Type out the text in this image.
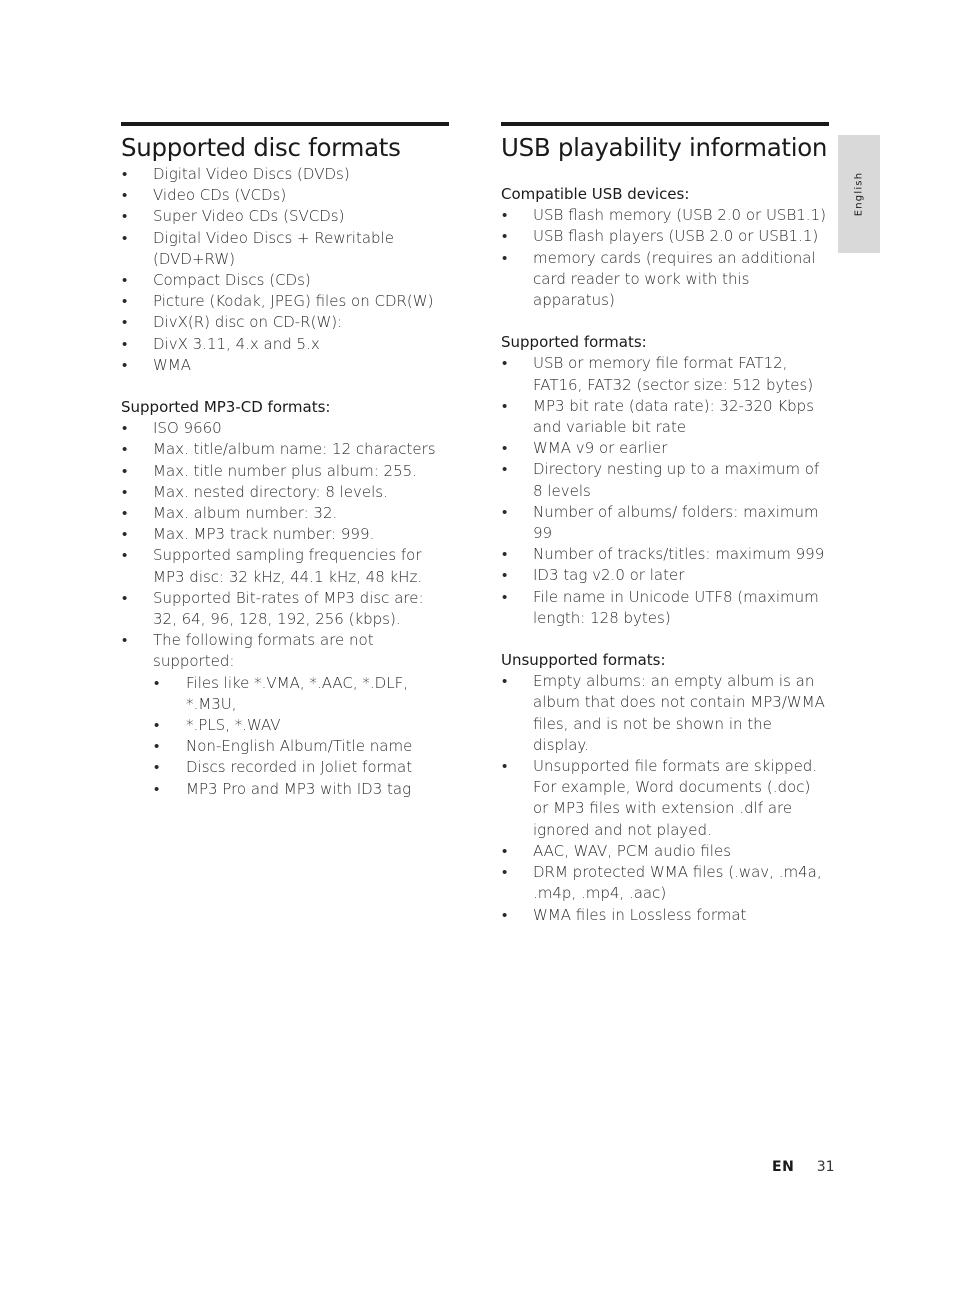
Supported disc formats
• Digital Video Discs (DVDs)
• Video CDs (VCDs)
• Super Video CDs (SVCDs)
• Digital Video Discs + Rewritable (DVD+RW)
• Compact Discs (CDs)
• Picture (Kodak, JPEG) files on CDR(W)
• DivX(R) disc on CD-R(W):
• DivX 3.11, 4.x and 5.x
• WMA

Supported MP3-CD formats:

• ISO 9660
• Max. title/album name: 12 characters
• Max. title number plus album: 255.
• Max. nested directory: 8 levels.
• Max. album number: 32.
• Max. MP3 track number: 999.
• Supported sampling frequencies for MP3 disc: 32 kHz, 44.1 kHz, 48 kHz.
• Supported Bit-rates of MP3 disc are: 32, 64, 96, 128, 192, 256 (kbps).
• The following formats are not supported:
• Files like *.VMA, *.AAC, *.DLF, *.M3U,
• *.PLS, *.WAV
• Non-English Album/Title name
• Discs recorded in Joliet format
• MP3 Pro and MP3 with ID3 tag
USB playability information

Compatible USB devices:

• USB flash memory (USB 2.0 or USB1.1)
• USB flash players (USB 2.0 or USB1.1)
• memory cards (requires an additional card reader to work with this apparatus)

Supported formats:

• USB or memory file format FAT12, FAT16, FAT32 (sector size: 512 bytes)
• MP3 bit rate (data rate): 32-320 Kbps and variable bit rate
• WMA v9 or earlier
• Directory nesting up to a maximum of 8 levels
• Number of albums/ folders: maximum 99
• Number of tracks/titles: maximum 999
• ID3 tag v2.0 or later
• File name in Unicode UTF8 (maximum length: 128 bytes)

Unsupported formats:

• Empty albums: an empty album is an album that does not contain MP3/WMA files, and is not be shown in the display.
• Unsupported file formats are skipped. For example, Word documents (.doc) or MP3 files with extension .dlf are ignored and not played.
• AAC, WAV, PCM audio files
• DRM protected WMA files (.wav, .m4a, .m4p, .mp4, .aac)
• WMA files in Lossless format
English
EN 31
